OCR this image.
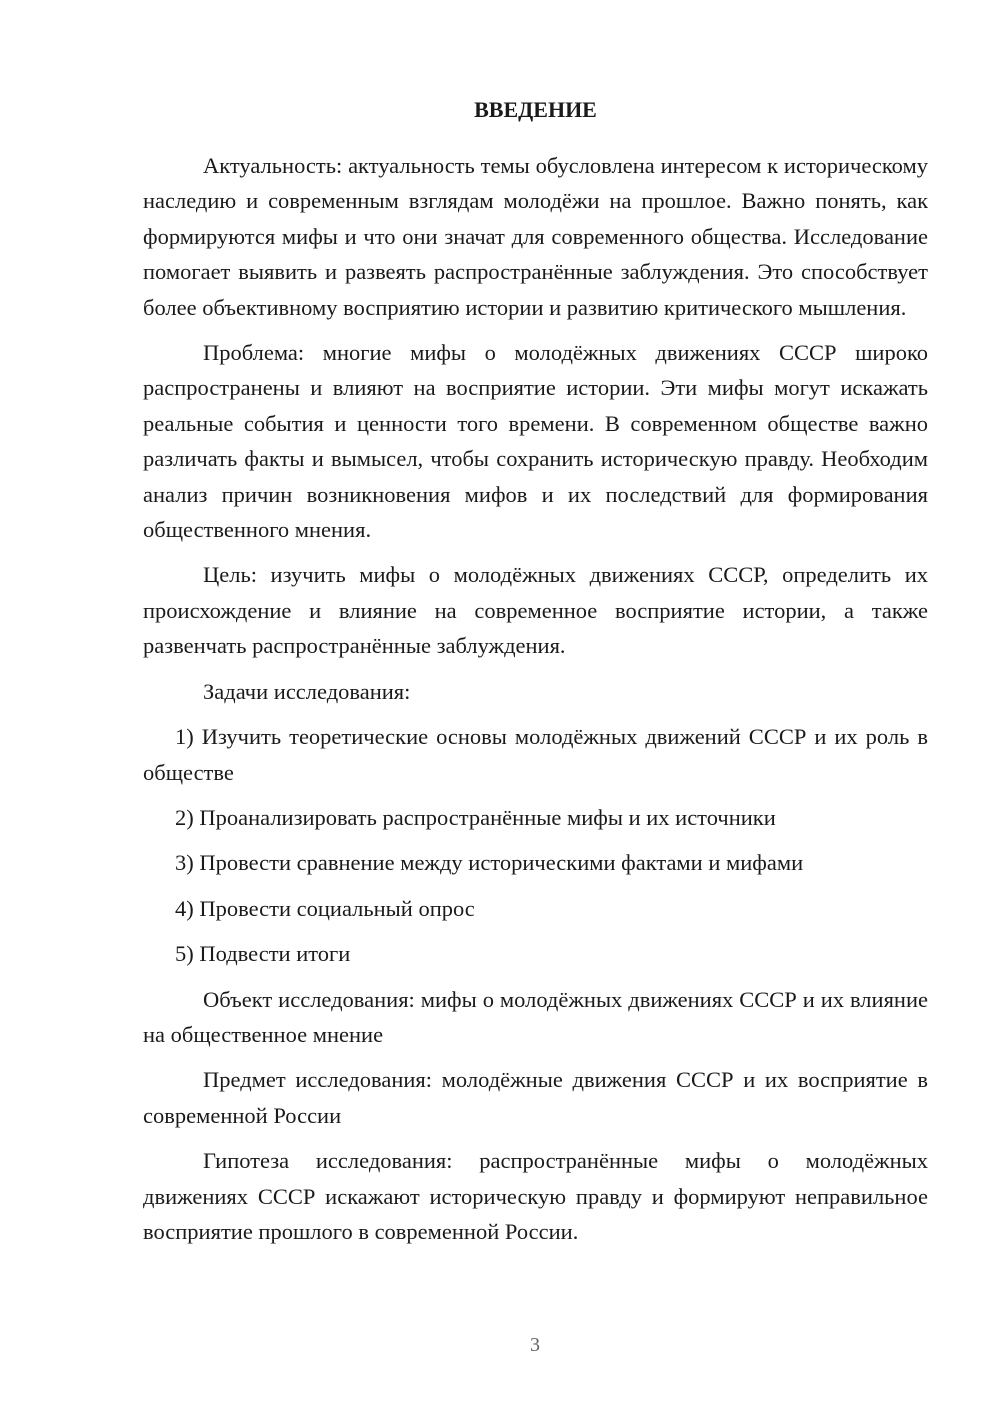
ВВЕДЕНИЕ

Актуальность: актуальность темы обусловлена интересом к историческому наследию и современным взглядам молодёжи на прошлое. Важно понять, как формируются мифы и что они значат для современного общества. Исследование помогает выявить и развеять распространённые заблуждения. Это способствует более объективному восприятию истории и развитию критического мышления.

Проблема: многие мифы о молодёжных движениях СССР широко распространены и влияют на восприятие истории. Эти мифы могут искажать реальные события и ценности того времени. В современном обществе важно различать факты и вымысел, чтобы сохранить историческую правду. Необходим анализ причин возникновения мифов и их последствий для формирования общественного мнения.

Цель: изучить мифы о молодёжных движениях СССР, определить их происхождение и влияние на современное восприятие истории, а также развенчать распространённые заблуждения.

Задачи исследования:

1) Изучить теоретические основы молодёжных движений СССР и их роль в обществе

2) Проанализировать распространённые мифы и их источники

3) Провести сравнение между историческими фактами и мифами

4) Провести социальный опрос

5) Подвести итоги

Объект исследования: мифы о молодёжных движениях СССР и их влияние на общественное мнение

Предмет исследования: молодёжные движения СССР и их восприятие в современной России

Гипотеза исследования: распространённые мифы о молодёжных движениях СССР искажают историческую правду и формируют неправильное восприятие прошлого в современной России.

3
